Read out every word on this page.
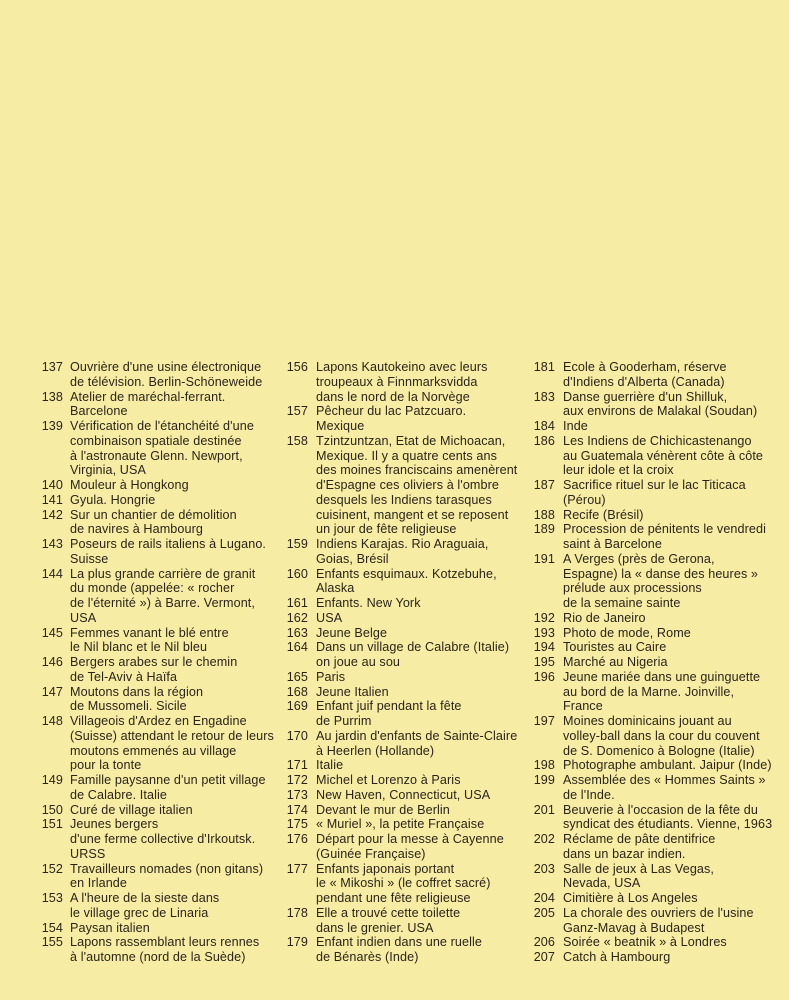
137 Ouvrière d'une usine électronique
de télévision. Berlin-Schöneweide
138 Atelier de maréchal-ferrant.
Barcelone
139 Vérification de l'étanchéité d'une
combinaison spatiale destinée
à l'astronaute Glenn. Newport,
Virginia, USA
140 Mouleur à Hongkong
141 Gyula. Hongrie
142 Sur un chantier de démolition
de navires à Hambourg
143 Poseurs de rails italiens à Lugano.
Suisse
144 La plus grande carrière de granit
du monde (appelée: « rocher
de l'éternité ») à Barre. Vermont,
USA
145 Femmes vanant le blé entre
le Nil blanc et le Nil bleu
146 Bergers arabes sur le chemin
de Tel-Aviv à Haïfa
147 Moutons dans la région
de Mussomeli. Sicile
148 Villageois d'Ardez en Engadine
(Suisse) attendant le retour de leurs
moutons emmenés au village
pour la tonte
149 Famille paysanne d'un petit village
de Calabre. Italie
150 Curé de village italien
151 Jeunes bergers
d'une ferme collective d'Irkoutsk.
URSS
152 Travailleurs nomades (non gitans)
en Irlande
153 A l'heure de la sieste dans
le village grec de Linaria
154 Paysan italien
155 Lapons rassemblant leurs rennes
à l'automne (nord de la Suède)
156 Lapons Kautokeino avec leurs
troupeaux à Finnmarksvidda
dans le nord de la Norvège
157 Pêcheur du lac Patzcuaro.
Mexique
158 Tzintzuntzan, Etat de Michoacan,
Mexique. Il y a quatre cents ans
des moines franciscains amenèrent
d'Espagne ces oliviers à l'ombre
desquels les Indiens tarasques
cuisinent, mangent et se reposent
un jour de fête religieuse
159 Indiens Karajas. Rio Araguaia,
Goias, Brésil
160 Enfants esquimaux. Kotzebuhe,
Alaska
161 Enfants. New York
162 USA
163 Jeune Belge
164 Dans un village de Calabre (Italie)
on joue au sou
165 Paris
168 Jeune Italien
169 Enfant juif pendant la fête
de Purrim
170 Au jardin d'enfants de Sainte-Claire
à Heerlen (Hollande)
171 Italie
172 Michel et Lorenzo à Paris
173 New Haven, Connecticut, USA
174 Devant le mur de Berlin
175 « Muriel », la petite Française
176 Départ pour la messe à Cayenne
(Guinée Française)
177 Enfants japonais portant
le « Mikoshi » (le coffret sacré)
pendant une fête religieuse
178 Elle a trouvé cette toilette
dans le grenier. USA
179 Enfant indien dans une ruelle
de Bénarès (Inde)
181 Ecole à Gooderham, réserve
d'Indiens d'Alberta (Canada)
183 Danse guerrière d'un Shilluk,
aux environs de Malakal (Soudan)
184 Inde
186 Les Indiens de Chichicastenango
au Guatemala vénèrent côte à côte
leur idole et la croix
187 Sacrifice rituel sur le lac Titicaca
(Pérou)
188 Recife (Brésil)
189 Procession de pénitents le vendredi
saint à Barcelone
191 A Verges (près de Gerona,
Espagne) la « danse des heures »
prélude aux processions
de la semaine sainte
192 Rio de Janeiro
193 Photo de mode, Rome
194 Touristes au Caire
195 Marché au Nigeria
196 Jeune mariée dans une guinguette
au bord de la Marne. Joinville,
France
197 Moines dominicains jouant au
volley-ball dans la cour du couvent
de S. Domenico à Bologne (Italie)
198 Photographe ambulant. Jaipur (Inde)
199 Assemblée des « Hommes Saints »
de l'Inde.
201 Beuverie à l'occasion de la fête du
syndicat des étudiants. Vienne, 1963
202 Réclame de pâte dentifrice
dans un bazar indien.
203 Salle de jeux à Las Vegas,
Nevada, USA
204 Cimitière à Los Angeles
205 La chorale des ouvriers de l'usine
Ganz-Mavag à Budapest
206 Soirée « beatnik » à Londres
207 Catch à Hambourg
